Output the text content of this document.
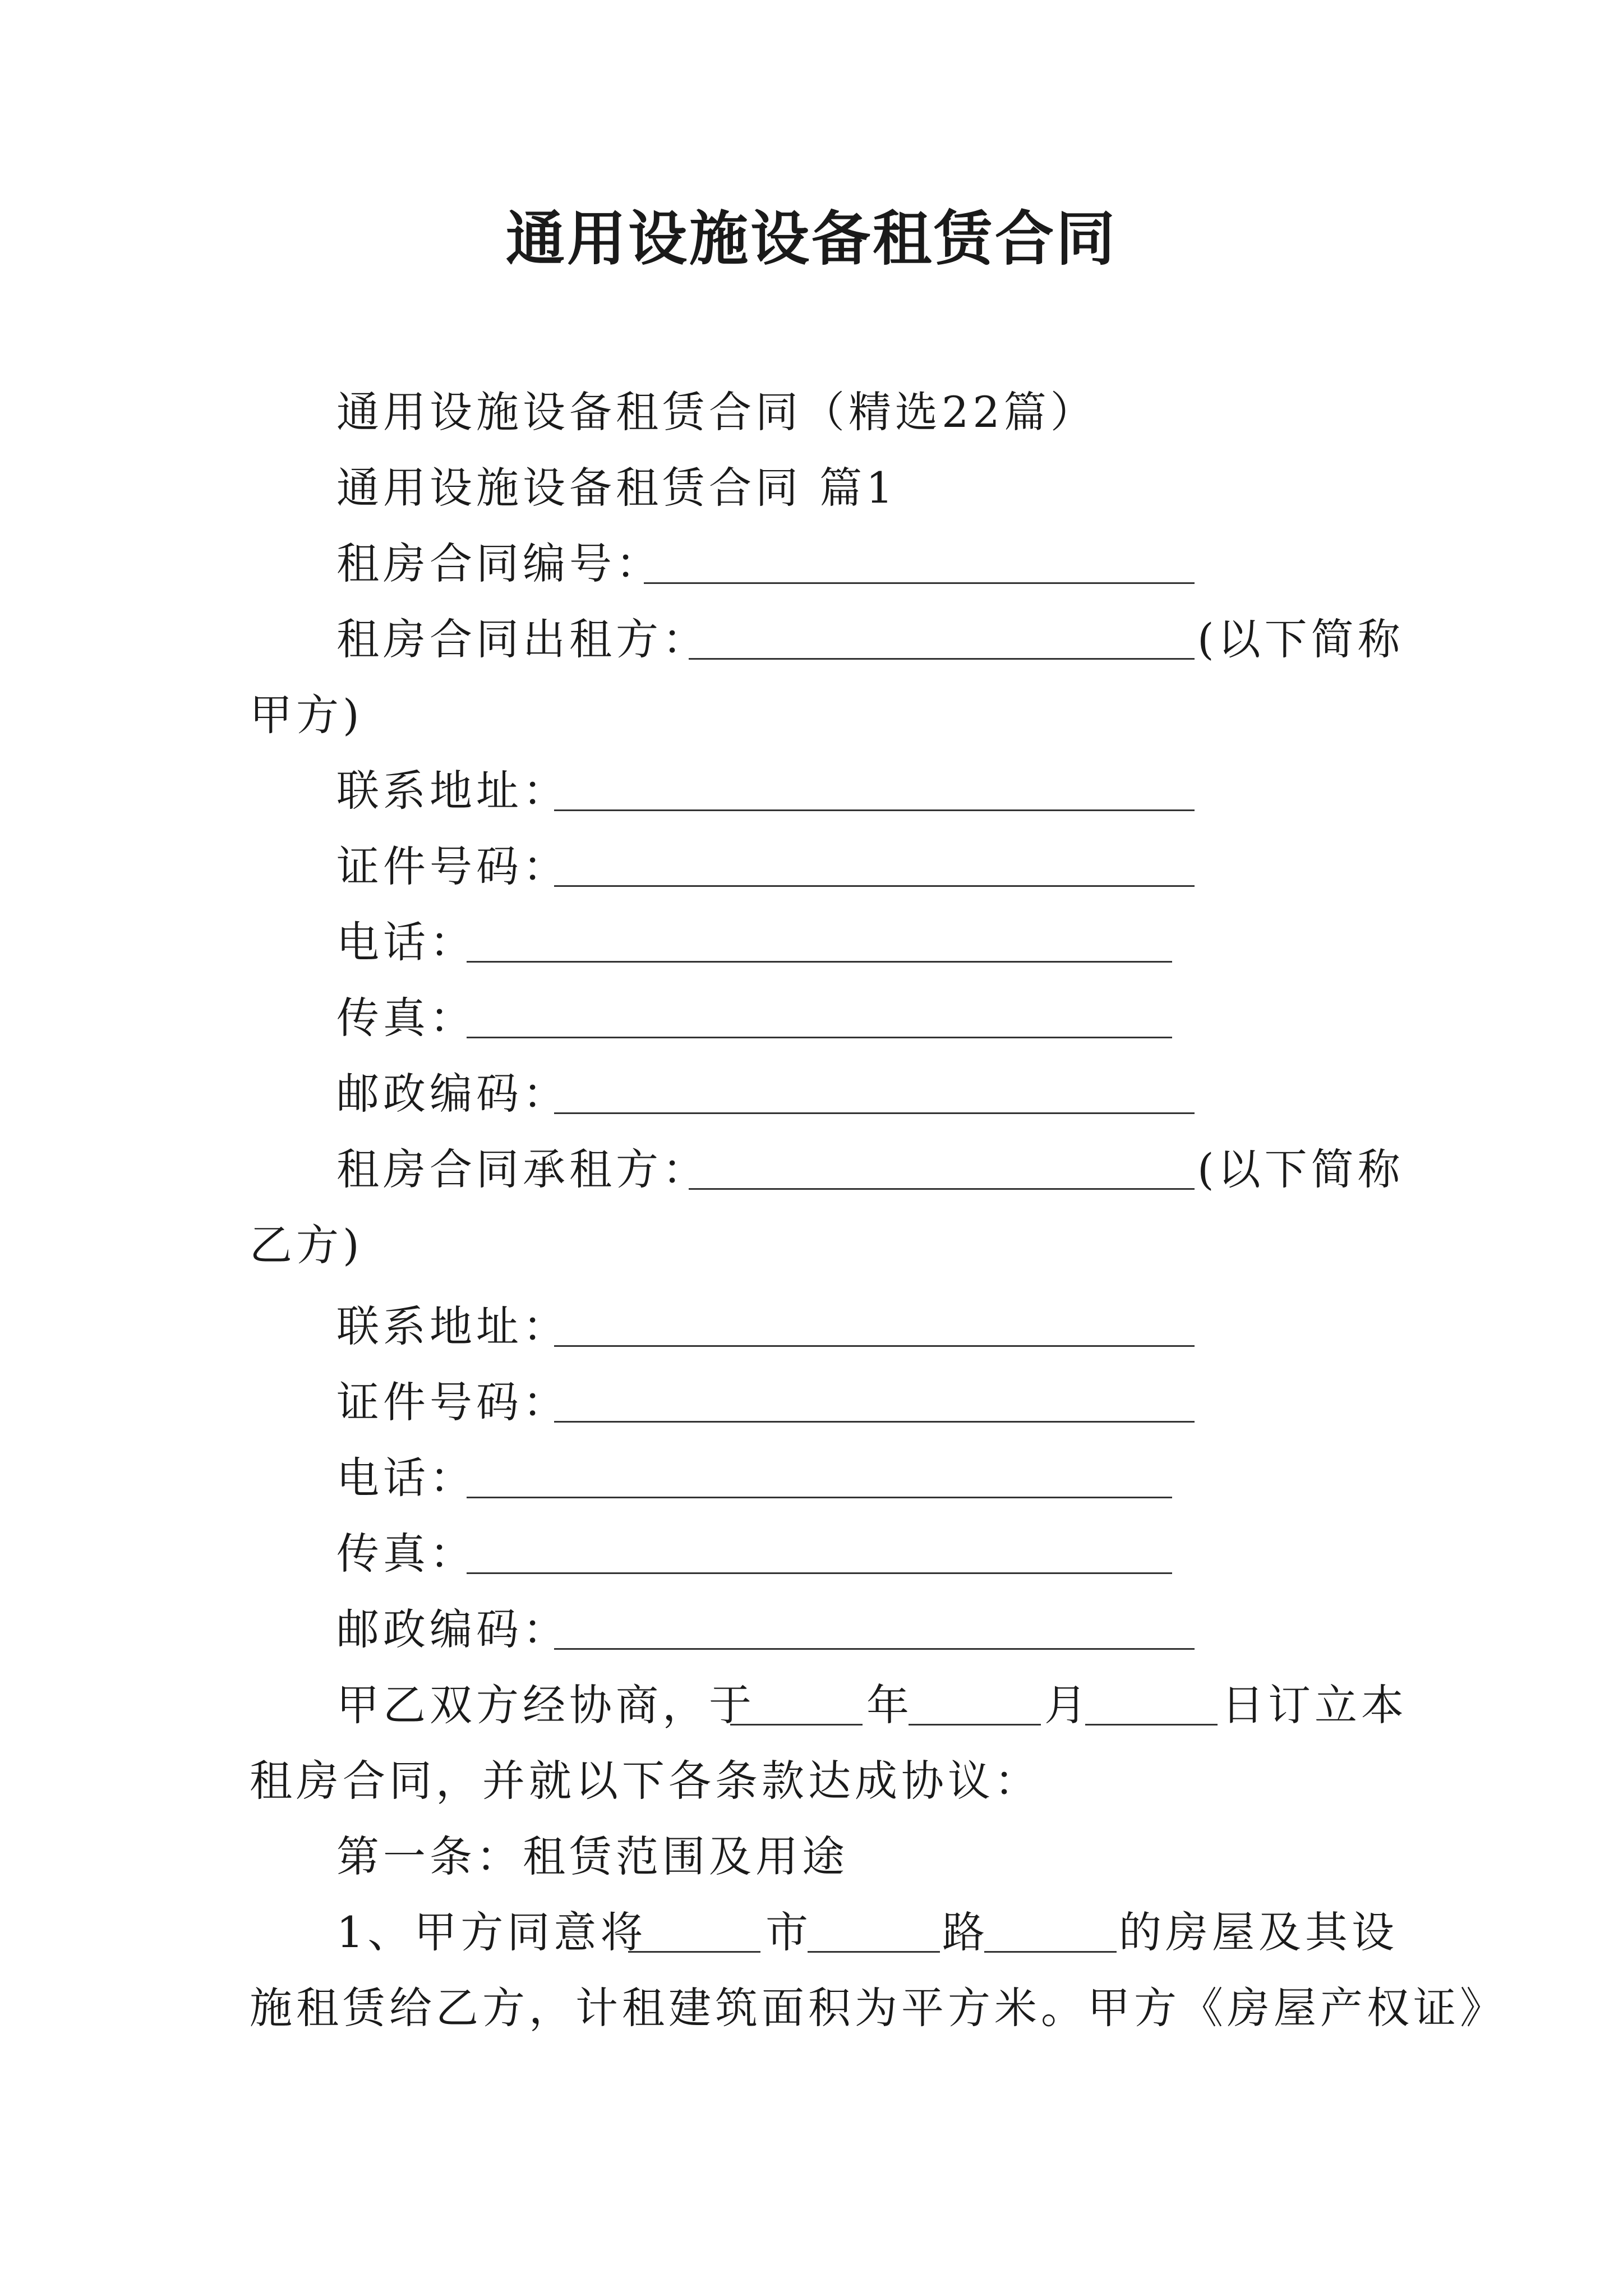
通用设施设备租赁合同
通用设施设备租赁合同（精选22篇）
通用设施设备租赁合同 篇1
租房合同编号：
租房合同出租方：	(以下简称
甲方)
联系地址：
证件号码：
电话：
传真：
邮政编码：
租房合同承租方：	(以下简称
乙方)
联系地址：
证件号码：
电话：
传真：
邮政编码：
甲乙双方经协商，于	年	月	日订立本
租房合同，并就以下各条款达成协议：
第一条：租赁范围及用途
1、甲方同意将	市	路	的房屋及其设
施租赁给乙方，计租建筑面积为平方米。甲方《房屋产权证》
